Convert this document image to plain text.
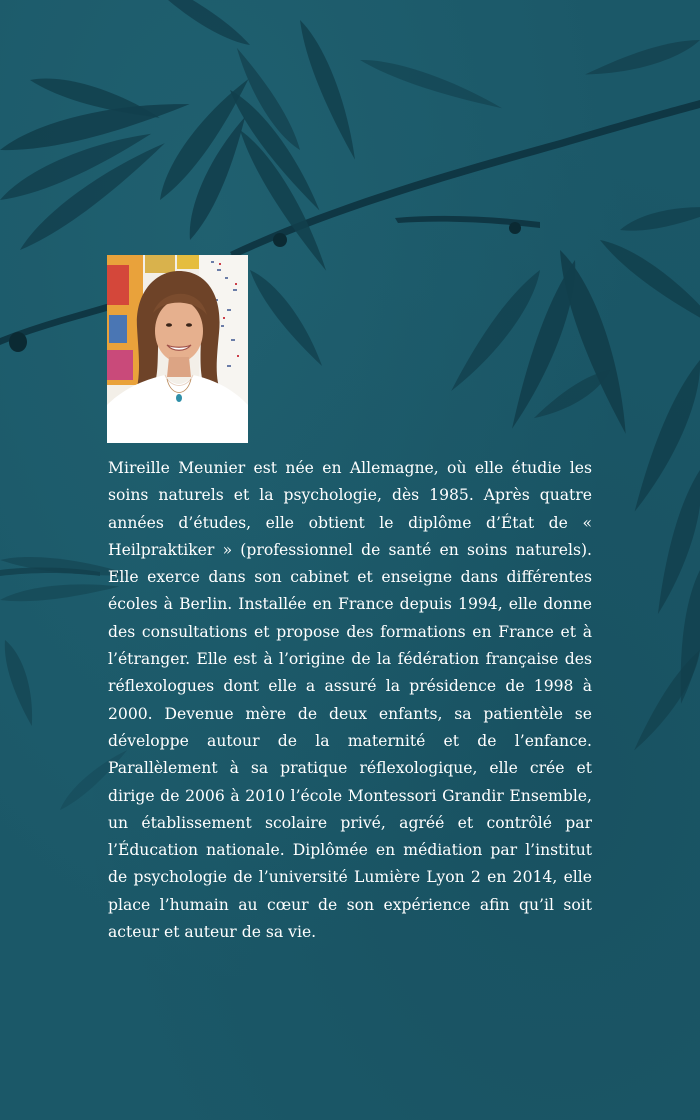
Mireille Meunier est née en Allemagne, où elle étudie les soins naturels et la psychologie, dès 1985. Après quatre années d’études, elle obtient le diplôme d’État de « Heilpraktiker » (professionnel de santé en soins naturels). Elle exerce dans son cabinet et enseigne dans différentes écoles à Berlin. Installée en France depuis 1994, elle donne des consultations et propose des formations en France et à l’étranger. Elle est à l’origine de la fédération française des réflexologues dont elle a assuré la présidence de 1998 à 2000. Devenue mère de deux enfants, sa patientèle se développe autour de la maternité et de l’enfance. Parallèlement à sa pratique réflexologique, elle crée et dirige de 2006 à 2010 l’école Montessori Grandir Ensemble, un établissement scolaire privé, agréé et contrôlé par l’Éducation nationale. Diplômée en médiation par l’institut de psychologie de l’université Lumière Lyon 2 en 2014, elle place l’humain au cœur de son expérience afin qu’il soit acteur et auteur de sa vie.
